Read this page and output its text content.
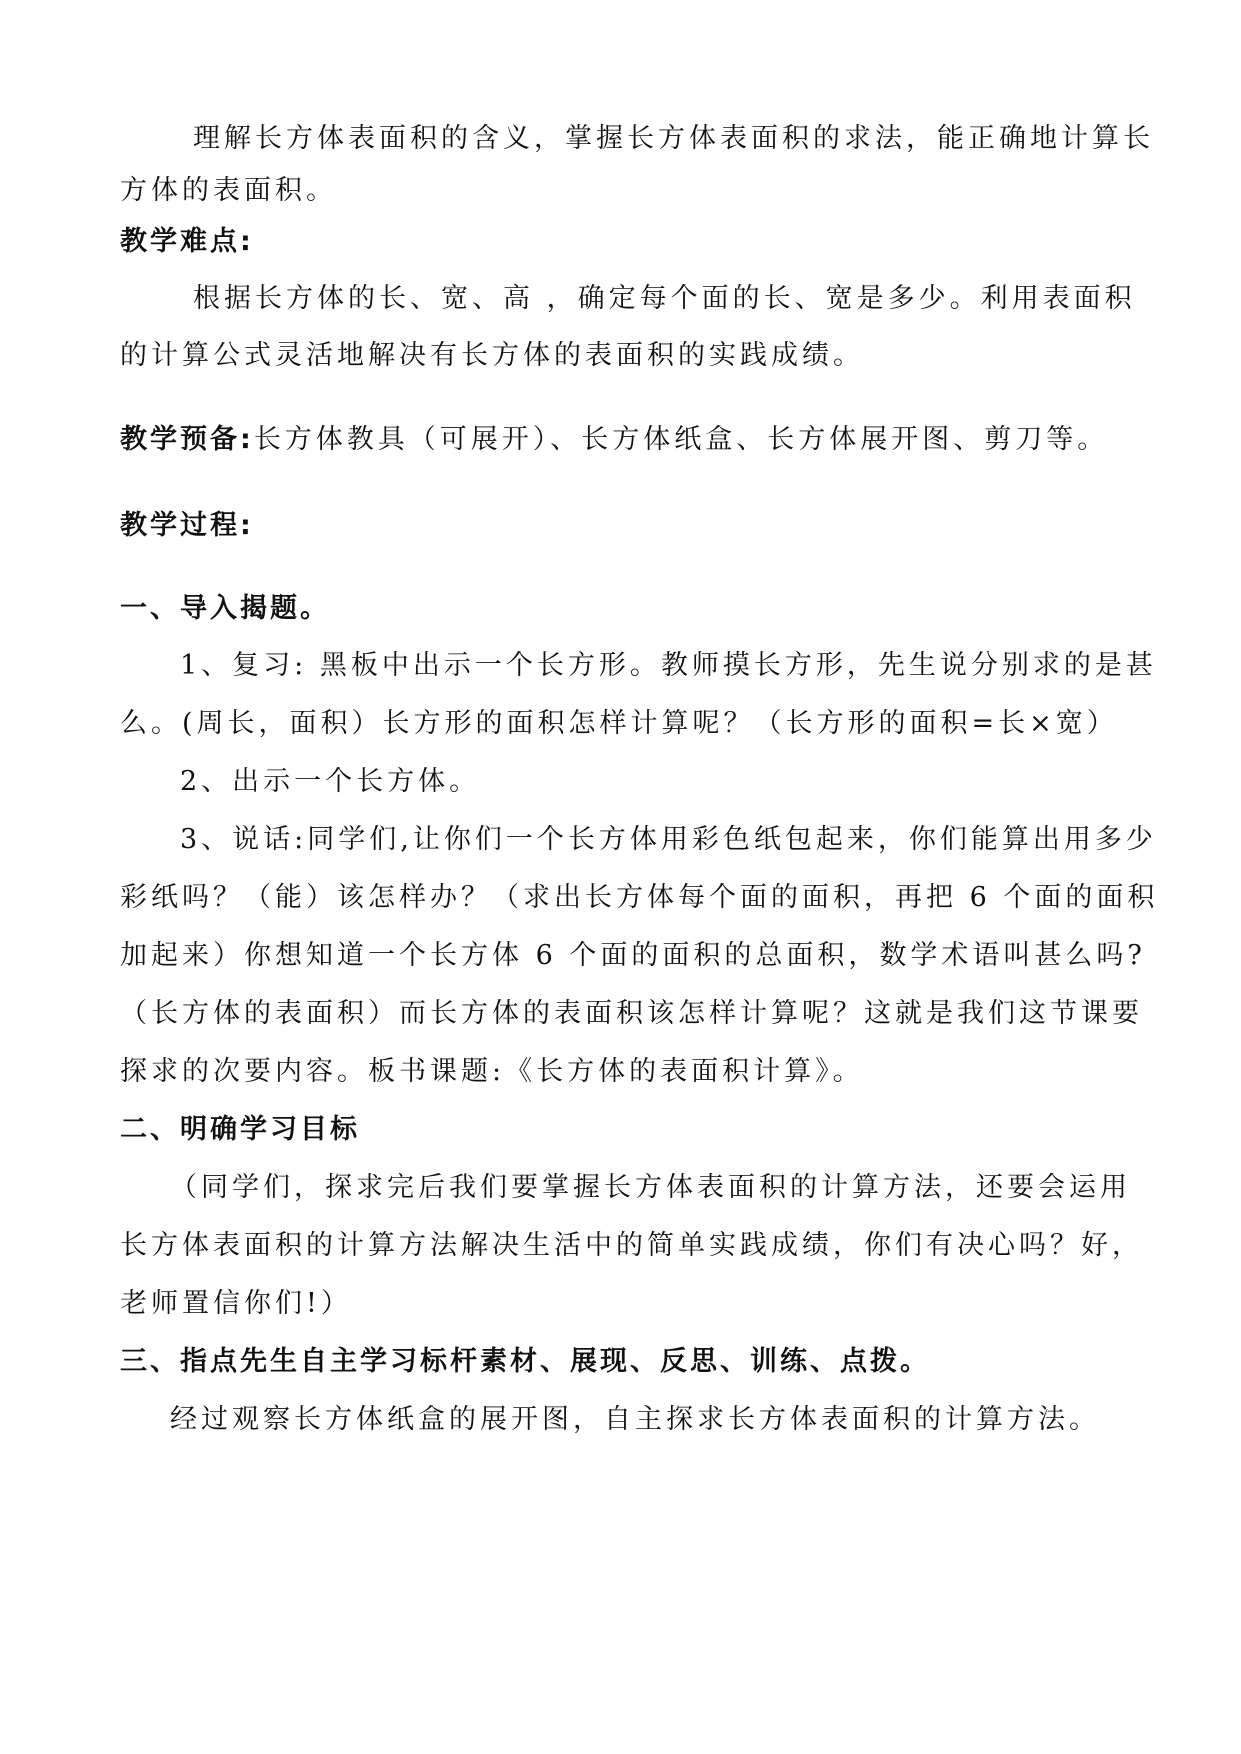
理解长方体表面积的含义，掌握长方体表面积的求法，能正确地计算长
方体的表面积。
教学难点:
根据长方体的长、宽、高 ，确定每个面的长、宽是多少。利用表面积
的计算公式灵活地解决有长方体的表面积的实践成绩。
教学预备:长方体教具（可展开）、长方体纸盒、长方体展开图、剪刀等。
教学过程:
一、导入揭题。
1、复习: 黑板中出示一个长方形。教师摸长方形，先生说分别求的是甚
么。(周长，面积）长方形的面积怎样计算呢？（长方形的面积=长×宽）
2、出示一个长方体。
3、说话:同学们,让你们一个长方体用彩色纸包起来，你们能算出用多少
彩纸吗？（能）该怎样办？（求出长方体每个面的面积，再把 6 个面的面积
加起来）你想知道一个长方体 6 个面的面积的总面积，数学术语叫甚么吗?
（长方体的表面积）而长方体的表面积该怎样计算呢？这就是我们这节课要
探求的次要内容。板书课题:《长方体的表面积计算》。
二、明确学习目标
（同学们，探求完后我们要掌握长方体表面积的计算方法，还要会运用
长方体表面积的计算方法解决生活中的简单实践成绩，你们有决心吗？好，
老师置信你们!）
三、指点先生自主学习标杆素材、展现、反思、训练、点拨。
经过观察长方体纸盒的展开图，自主探求长方体表面积的计算方法。
